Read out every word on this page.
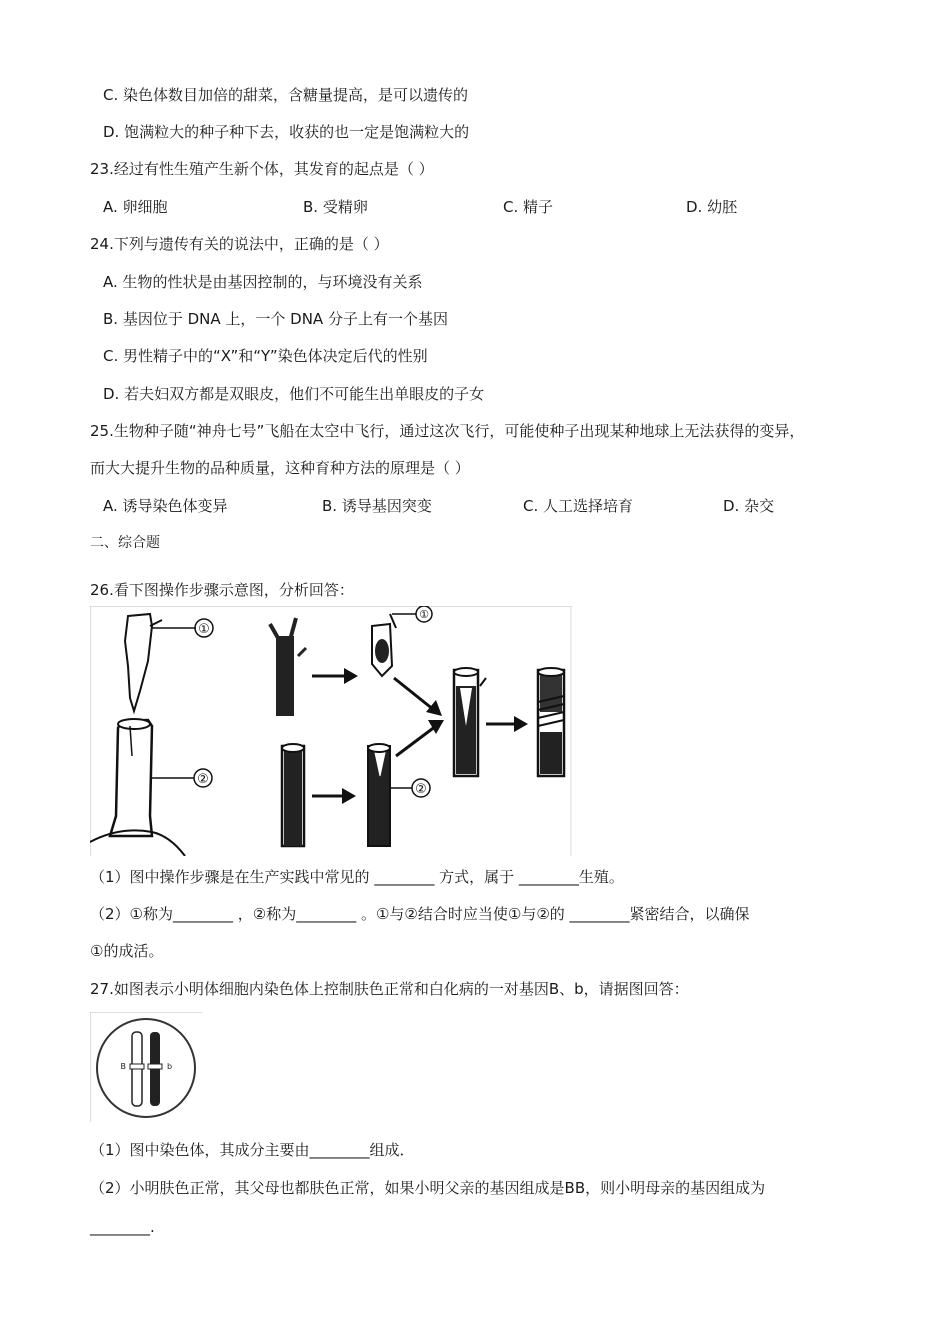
C. 染色体数目加倍的甜菜，含糖量提高，是可以遗传的
D. 饱满粒大的种子种下去，收获的也一定是饱满粒大的
23.经过有性生殖产生新个体，其发育的起点是（ ）
A. 卵细胞	B. 受精卵	C. 精子	D. 幼胚
24.下列与遗传有关的说法中，正确的是（ ）
A. 生物的性状是由基因控制的，与环境没有关系
B. 基因位于 DNA 上，一个 DNA 分子上有一个基因
C. 男性精子中的“X”和“Y”染色体决定后代的性别
D. 若夫妇双方都是双眼皮，他们不可能生出单眼皮的子女
25.生物种子随“神舟七号”飞船在太空中飞行，通过这次飞行，可能使种子出现某种地球上无法获得的变异，
而大大提升生物的品种质量，这种育种方法的原理是（ ）
A. 诱导染色体变异	B. 诱导基因突变	C. 人工选择培育	D. 杂交
二、综合题
26.看下图操作步骤示意图，分析回答：
①
②
①
②
（1）图中操作步骤是在生产实践中常见的 ________ 方式，属于 ________生殖。
（2）①称为________ ，②称为________ 。①与②结合时应当使①与②的 ________紧密结合，以确保
①的成活。
27.如图表示小明体细胞内染色体上控制肤色正常和白化病的一对基因B、b，请据图回答：
B	b
（1）图中染色体，其成分主要由________组成．
（2）小明肤色正常，其父母也都肤色正常，如果小明父亲的基因组成是BB，则小明母亲的基因组成为
________.
